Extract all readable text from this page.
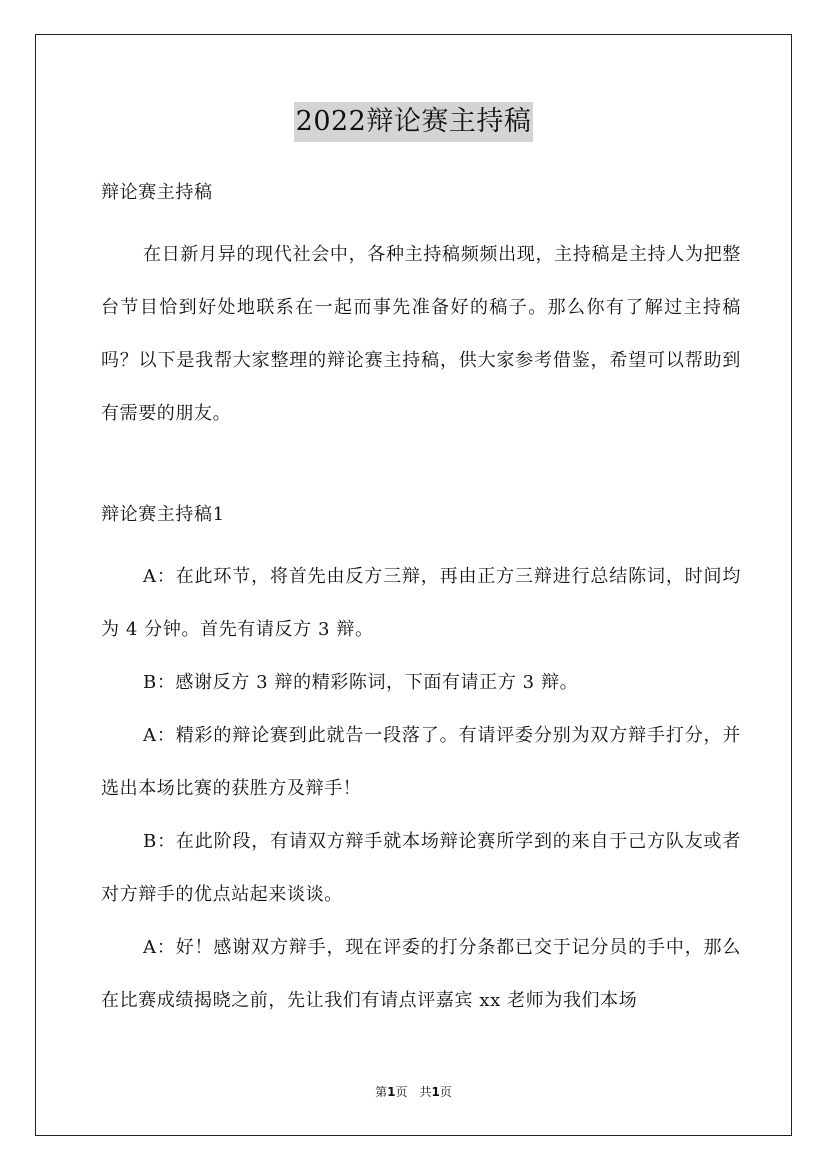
2022辩论赛主持稿

辩论赛主持稿

在日新月异的现代社会中，各种主持稿频频出现，主持稿是主持人为把整台节目恰到好处地联系在一起而事先准备好的稿子。那么你有了解过主持稿吗？以下是我帮大家整理的辩论赛主持稿，供大家参考借鉴，希望可以帮助到有需要的朋友。

辩论赛主持稿1

A：在此环节，将首先由反方三辩，再由正方三辩进行总结陈词，时间均为 4 分钟。首先有请反方 3 辩。

B：感谢反方 3 辩的精彩陈词，下面有请正方 3 辩。

A：精彩的辩论赛到此就告一段落了。有请评委分别为双方辩手打分，并选出本场比赛的获胜方及辩手！

B：在此阶段，有请双方辩手就本场辩论赛所学到的来自于己方队友或者对方辩手的优点站起来谈谈。

A：好！感谢双方辩手，现在评委的打分条都已交于记分员的手中，那么在比赛成绩揭晓之前，先让我们有请点评嘉宾 xx 老师为我们本场

第1页　共1页
